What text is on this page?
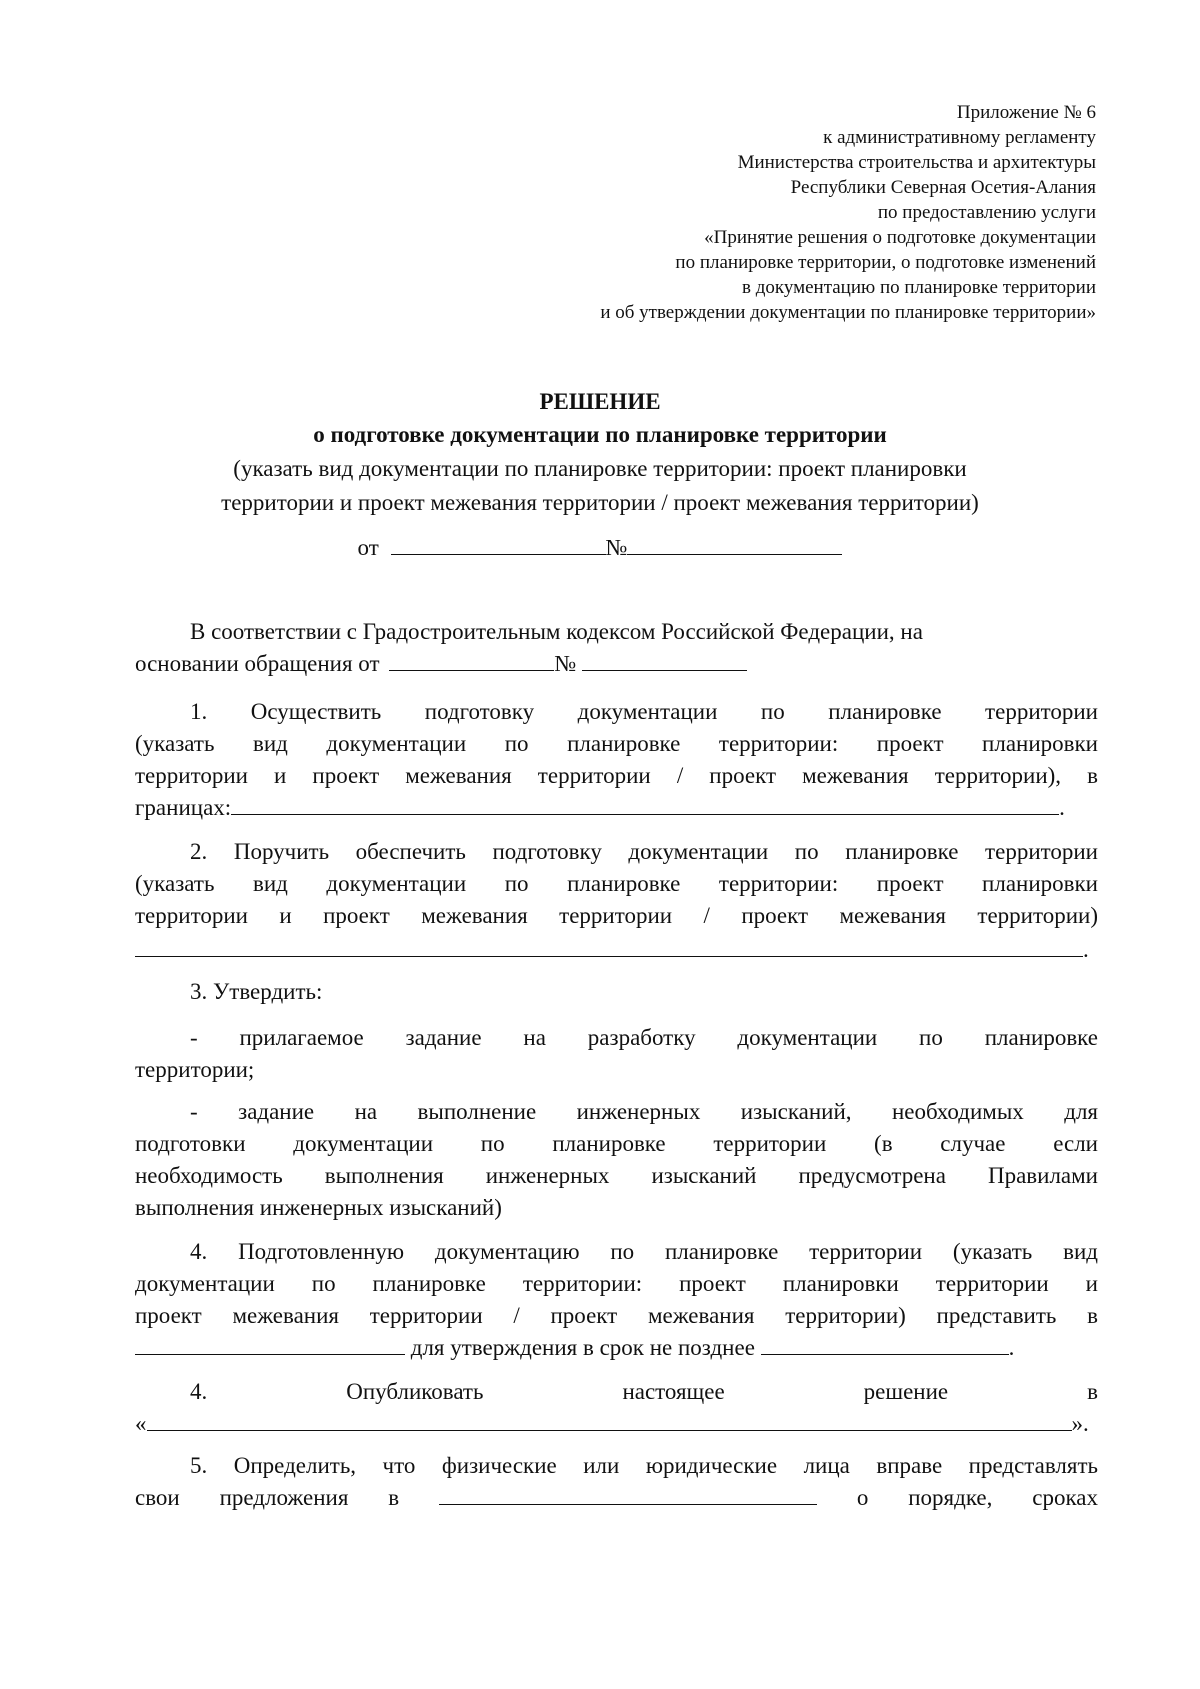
Приложение № 6
к административному регламенту
Министерства строительства и архитектуры
Республики Северная Осетия-Алания
по предоставлению услуги
«Принятие решения о подготовке документации
по планировке территории, о подготовке изменений
в документацию по планировке территории
и об утверждении документации по планировке территории»
РЕШЕНИЕ
о подготовке документации по планировке территории
(указать вид документации по планировке территории: проект планировки
территории и проект межевания территории / проект межевания территории)
от	№
В соответствии с Градостроительным кодексом Российской Федерации, на
основании обращения от	№

1. Осуществить подготовку документации по планировке территории

(указать вид документации по планировке территории: проект планировки

территории и проект межевания территории / проект межевания территории), в

границах:	.

2. Поручить обеспечить подготовку документации по планировке территории

(указать вид документации по планировке территории: проект планировки

территории и проект межевания территории / проект межевания территории)

.

3. Утвердить:

- прилагаемое задание на разработку документации по планировке

территории;

- задание на выполнение инженерных изысканий, необходимых для

подготовки документации по планировке территории (в случае если

необходимость выполнения инженерных изысканий предусмотрена Правилами

выполнения инженерных изысканий)

4. Подготовленную документацию по планировке территории (указать вид

документации по планировке территории: проект планировки территории и

проект межевания территории / проект межевания территории) представить в

для утверждения в срок не позднее	.
4.	Опубликовать	настоящее	решение	в
«	».

5. Определить, что физические или юридические лица вправе представлять

свои предложения в	о порядке, сроках
